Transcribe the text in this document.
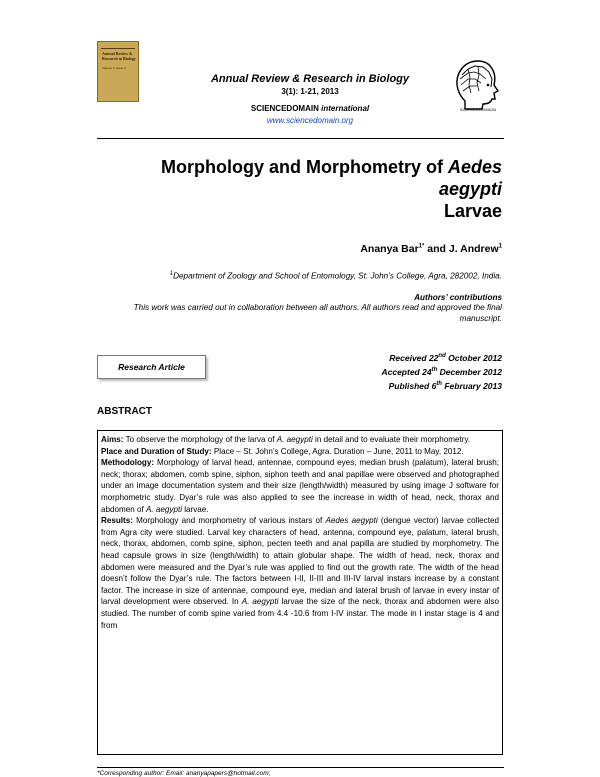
Annual Review & Research in Biology
Volume 3, Issue 1
Annual Review & Research in Biology
3(1): 1-21, 2013
SCIENCEDOMAIN international
www.sciencedomain.org
SCIENCEDOMAIN
Morphology and Morphometry of Aedes aegypti
Larvae
Ananya Bar$^{1*}$ and J. Andrew$^1$
$^1$Department of Zoology and School of Entomology, St. John’s College, Agra, 282002, India.
Authors’ contributions
This work was carried out in collaboration between all authors. All authors read and approved the final manuscript.
Research Article
Received 22nd October 2012
Accepted 24th December 2012
Published 6th February 2013
ABSTRACT

Aims: To observe the morphology of the larva of A. aegypti in detail and to evaluate their morphometry.

Place and Duration of Study: Place – St. John’s College, Agra. Duration – June, 2011 to May, 2012.

Methodology: Morphology of larval head, antennae, compound eyes, median brush (palatum), lateral brush; neck; thorax; abdomen, comb spine, siphon, siphon teeth and anal papillae were observed and photographed under an image documentation system and their size (length/width) measured by using image J software for morphometric study. Dyar’s rule was also applied to see the increase in width of head, neck, thorax and abdomen of A. aegypti larvae.

Results: Morphology and morphometry of various instars of Aedes aegypti (dengue vector) larvae collected from Agra city were studied. Larval key characters of head, antenna, compound eye, palatum, lateral brush, neck, thorax, abdomen, comb spine, siphon, pecten teeth and anal papilla are studied by morphometry. The head capsule grows in size (length/width) to attain globular shape. The width of head, neck, thorax and abdomen were measured and the Dyar’s rule was applied to find out the growth rate. The width of the head doesn’t follow the Dyar’s rule. The factors between I-II, II-III and III-IV larval instars increase by a constant factor. The increase in size of antennae, compound eye, median and lateral brush of larvae in every instar of larval development were observed. In A. aegypti larvae the size of the neck, thorax and abdomen were also studied. The number of comb spine varied from 4.4 -10.6 from I-IV instar. The mode in I instar stage is 4 and from

*Corresponding author: Email: ananyapapers@hotmail.com;
